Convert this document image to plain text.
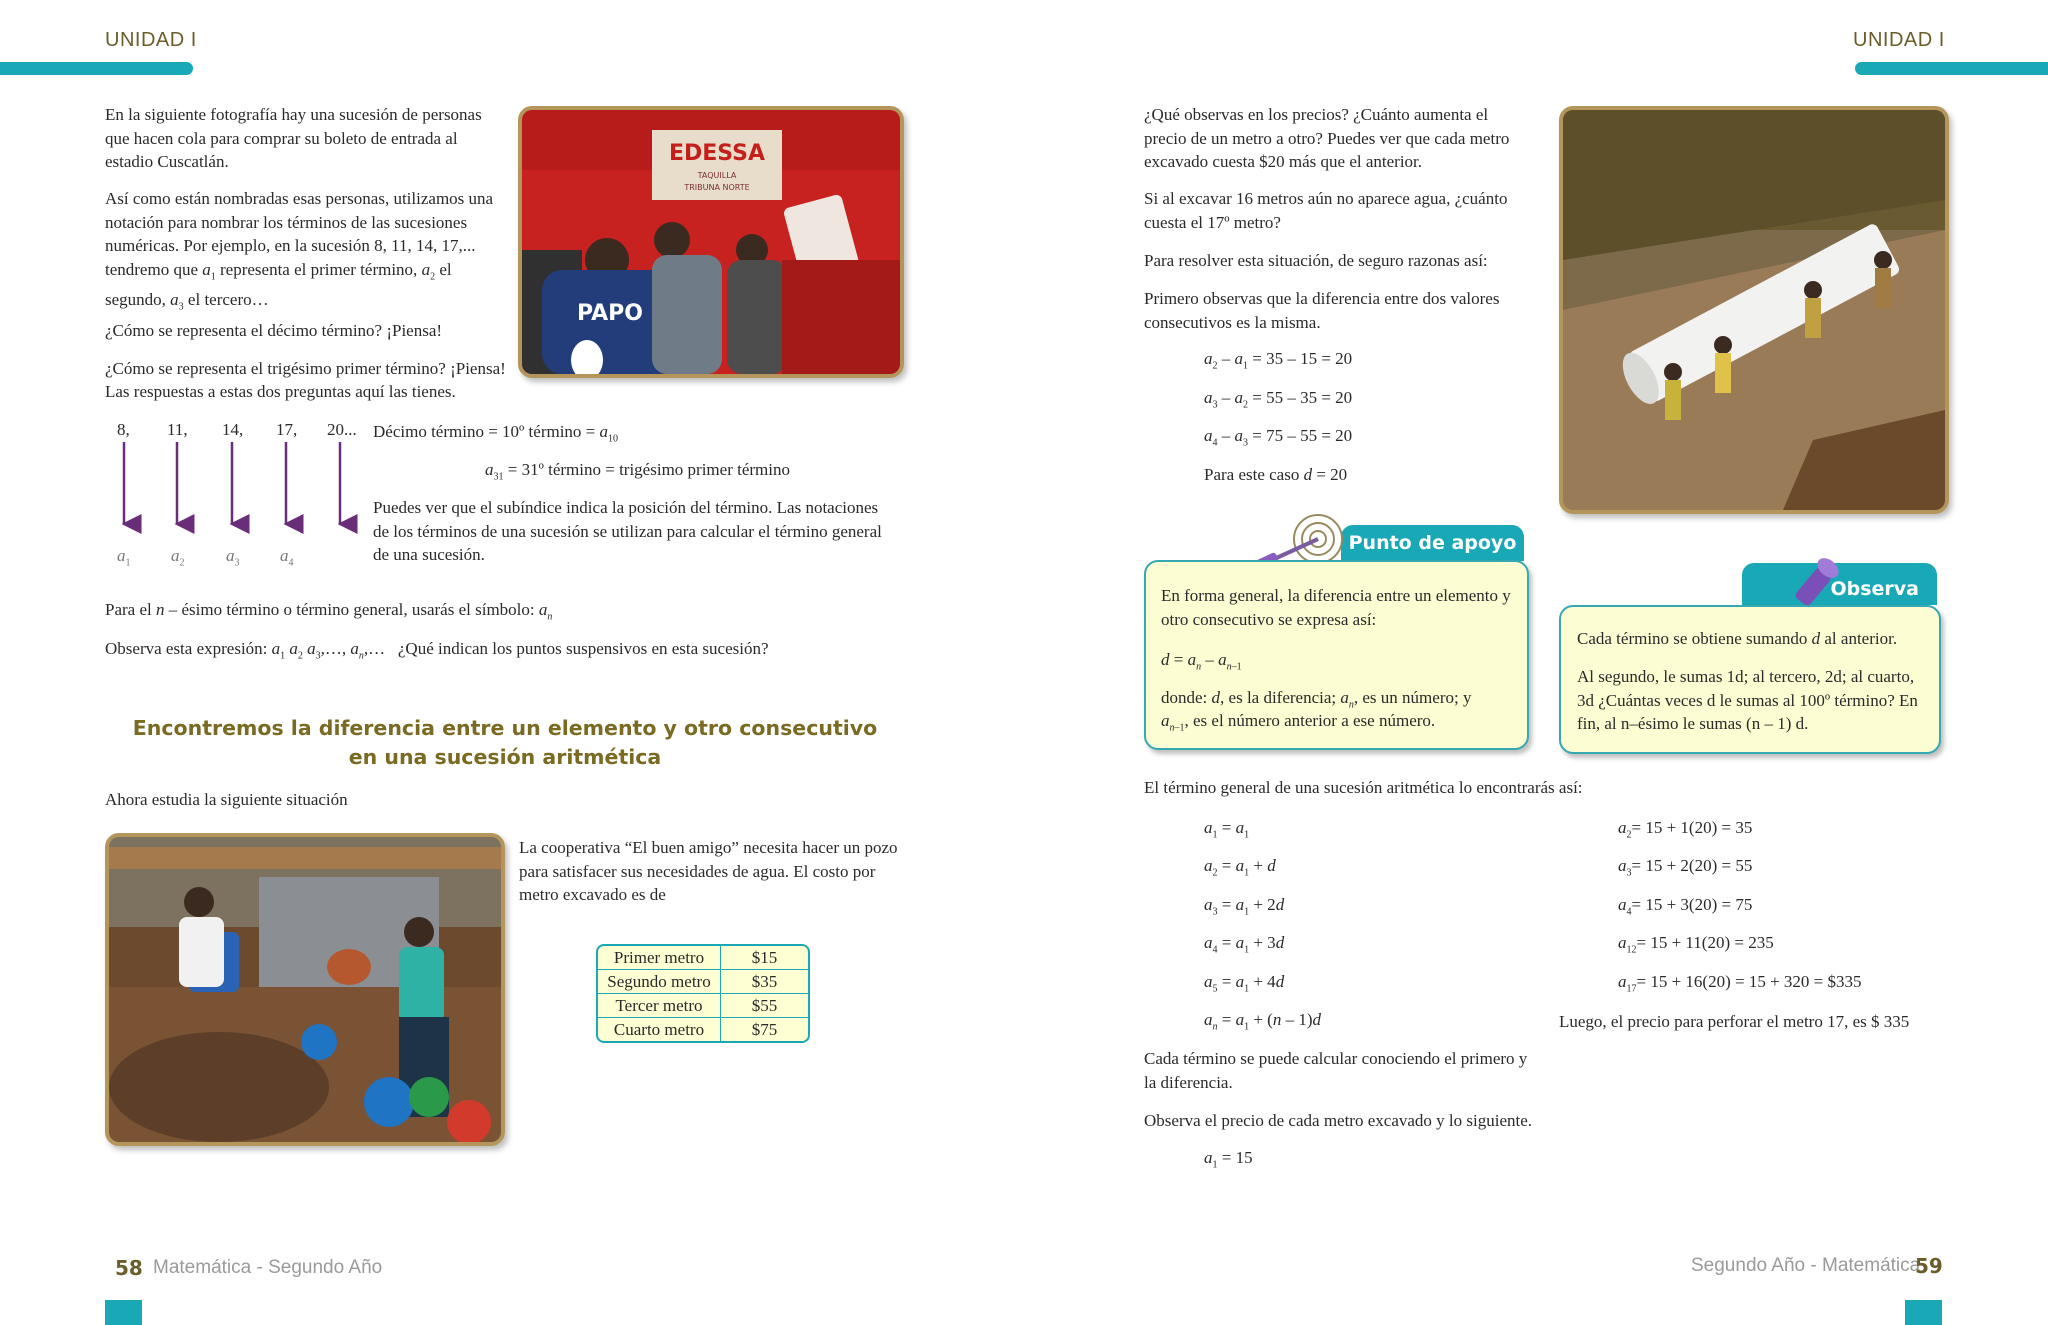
UNIDAD I	UNIDAD I
En la siguiente fotografía hay una sucesión de personas que hacen cola para comprar su boleto de entrada al estadio Cuscatlán.

Así como están nombradas esas personas, utilizamos una notación para nombrar los términos de las sucesiones numéricas. Por ejemplo, en la sucesión 8, 11, 14, 17,...

tendremo que $a_1$ representa el primer término, $a_2$ el

segundo, $a_3$ el tercero…

¿Cómo se representa el décimo término? ¡Piensa!
¿Cómo se representa el trigésimo primer término? ¡Piensa!
Las respuestas a estas dos preguntas aquí las tienes.
EDESSA
TAQUILLA
TRIBUNA NORTE
PAPO
8, 11, 14, 17, 20...
$a_1$ $a_2$ $a_3$ $a_4$
Décimo término = 10º término = $a_{10}$
$a_{31}$ = 31º término = trigésimo primer término
Puedes ver que el subíndice indica la posición del término. Las notaciones de los términos de una sucesión se utilizan para calcular el término general de una sucesión.
Para el n – ésimo término o término general, usarás el símbolo: $a_n$
Observa esta expresión: $a_1$ $a_2$ $a_3,\dots$, $a_n,\dots$   ¿Qué indican los puntos suspensivos en esta sucesión?
Encontremos la diferencia entre un elemento y otro consecutivo
en una sucesión aritmética
Ahora estudia la siguiente situación
La cooperativa “El buen amigo” necesita hacer un pozo para satisfacer sus necesidades de agua. El costo por metro excavado es de
Primer metro	$15
Segundo metro	$35
Tercer metro	$55
Cuarto metro	$75
58 Matemática - Segundo Año
¿Qué observas en los precios? ¿Cuánto aumenta el precio de un metro a otro? Puedes ver que cada metro excavado cuesta $20 más que el anterior.
Si al excavar 16 metros aún no aparece agua, ¿cuánto cuesta el 17º metro?
Para resolver esta situación, de seguro razonas así:
Primero observas que la diferencia entre dos valores consecutivos es la misma.
$a_2 - a_1 = 35 - 15 = 20$
$a_3 - a_2 = 55 - 35 = 20$
$a_4 - a_3 = 75 - 55 = 20$
Para este caso d = 20
Punto de apoyo
En forma general, la diferencia entre un elemento y otro consecutivo se expresa así:
$d = a_n - a_{n-1}$
donde: d, es la diferencia; $a_n$, es un número; y
$a_{n-1}$, es el número anterior a ese número.
Observa
Cada término se obtiene sumando d al anterior.
Al segundo, le sumas 1d; al tercero, 2d; al cuarto, 3d ¿Cuántas veces d le sumas al 100º término? En fin, al n–ésimo le sumas (n – 1) d.
El término general de una sucesión aritmética lo encontrarás así:
$a_1 = a_1$
$a_2 = a_1 + d$
$a_3 = a_1 + 2d$
$a_4 = a_1 + 3d$
$a_5 = a_1 + 4d$
$a_n = a_1 + (n - 1)d$
$a_2= 15 + 1(20) = 35$
$a_3= 15 + 2(20) = 55$
$a_4= 15 + 3(20) = 75$
$a_{12}= 15 + 11(20) = 235$
$a_{17}= 15 + 16(20) = 15 + 320$ = $335
Luego, el precio para perforar el metro 17, es $ 335
Cada término se puede calcular conociendo el primero y la diferencia.
Observa el precio de cada metro excavado y lo siguiente.
$a_1 = 15$
Segundo Año - Matemática
59
